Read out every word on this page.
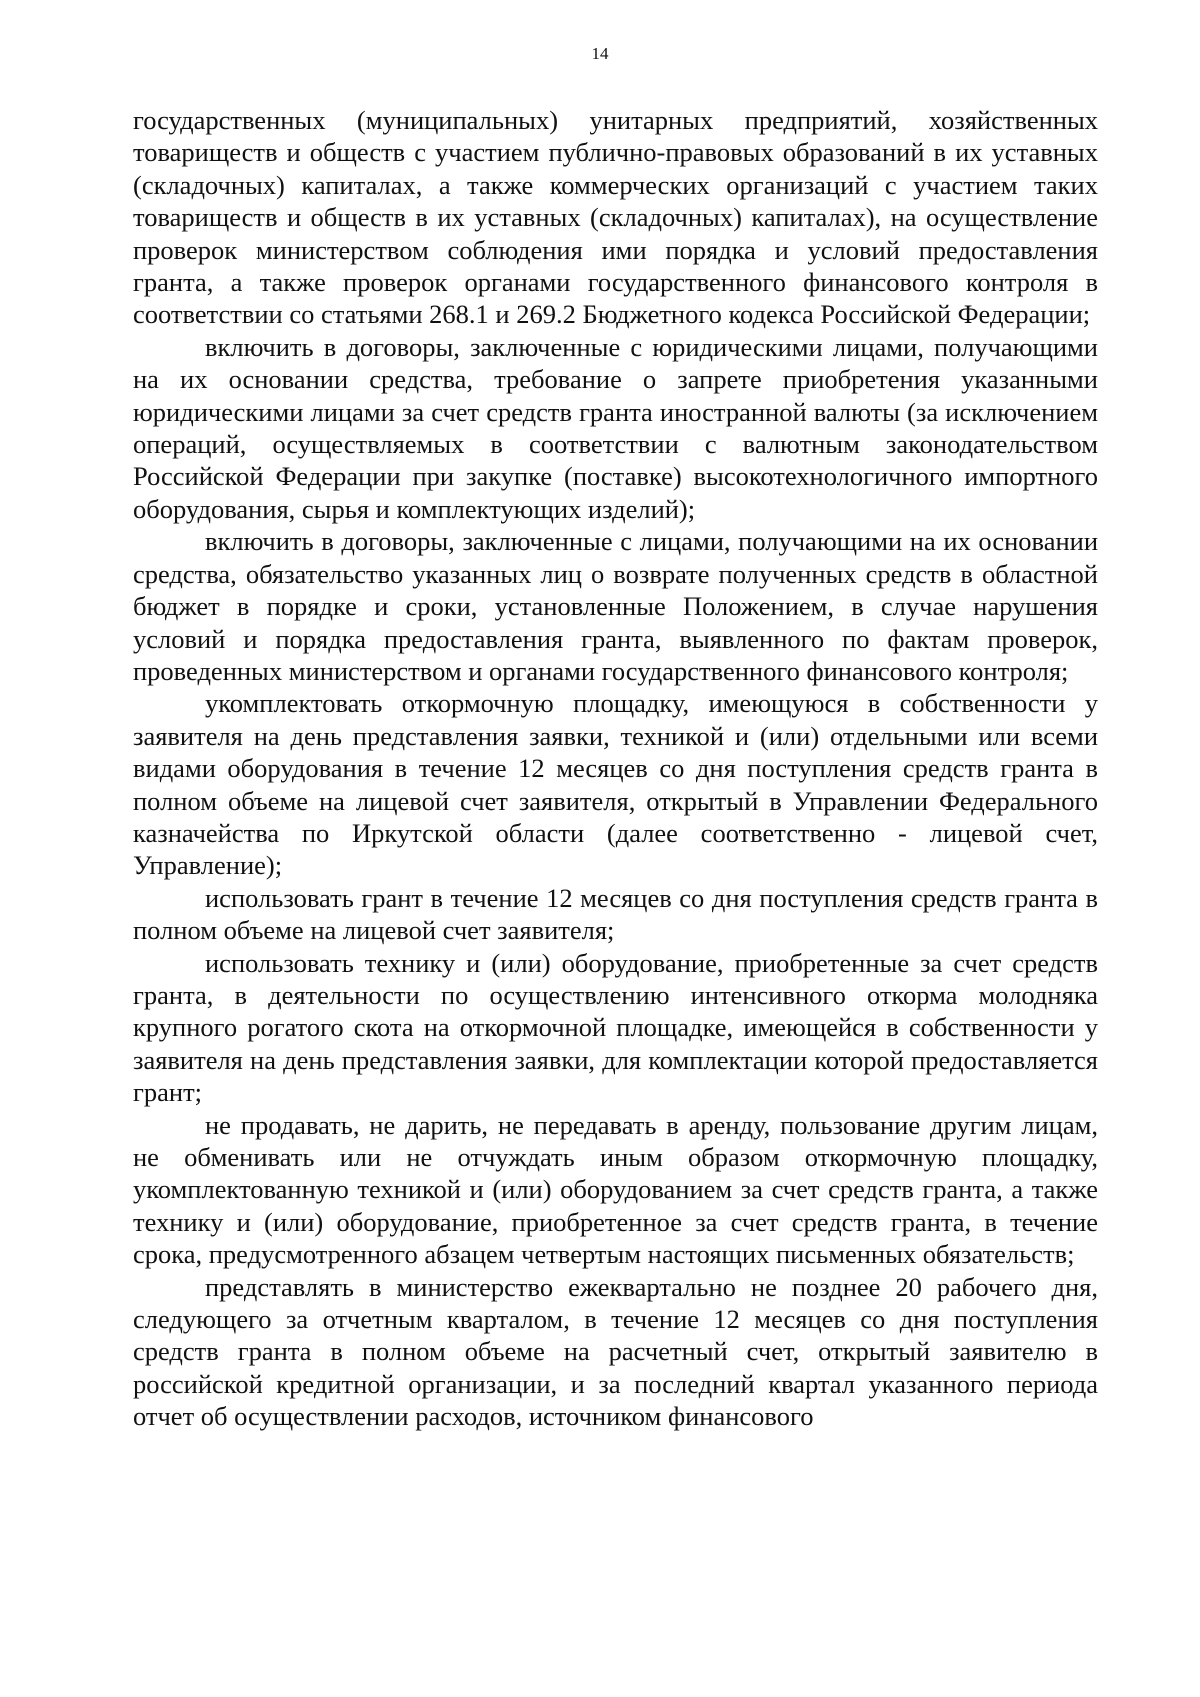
14

государственных (муниципальных) унитарных предприятий, хозяйственных товариществ и обществ с участием публично-правовых образований в их уставных (складочных) капиталах, а также коммерческих организаций с участием таких товариществ и обществ в их уставных (складочных) капиталах), на осуществление проверок министерством соблюдения ими порядка и условий предоставления гранта, а также проверок органами государственного финансового контроля в соответствии со статьями 268.1 и 269.2 Бюджетного кодекса Российской Федерации;

включить в договоры, заключенные с юридическими лицами, получающими на их основании средства, требование о запрете приобретения указанными юридическими лицами за счет средств гранта иностранной валюты (за исключением операций, осуществляемых в соответствии с валютным законодательством Российской Федерации при закупке (поставке) высокотехнологичного импортного оборудования, сырья и комплектующих изделий);

включить в договоры, заключенные с лицами, получающими на их основании средства, обязательство указанных лиц о возврате полученных средств в областной бюджет в порядке и сроки, установленные Положением, в случае нарушения условий и порядка предоставления гранта, выявленного по фактам проверок, проведенных министерством и органами государственного финансового контроля;

укомплектовать откормочную площадку, имеющуюся в собственности у заявителя на день представления заявки, техникой и (или) отдельными или всеми видами оборудования в течение 12 месяцев со дня поступления средств гранта в полном объеме на лицевой счет заявителя, открытый в Управлении Федерального казначейства по Иркутской области (далее соответственно - лицевой счет, Управление);

использовать грант в течение 12 месяцев со дня поступления средств гранта в полном объеме на лицевой счет заявителя;

использовать технику и (или) оборудование, приобретенные за счет средств гранта, в деятельности по осуществлению интенсивного откорма молодняка крупного рогатого скота на откормочной площадке, имеющейся в собственности у заявителя на день представления заявки, для комплектации которой предоставляется грант;

не продавать, не дарить, не передавать в аренду, пользование другим лицам, не обменивать или не отчуждать иным образом откормочную площадку, укомплектованную техникой и (или) оборудованием за счет средств гранта, а также технику и (или) оборудование, приобретенное за счет средств гранта, в течение срока, предусмотренного абзацем четвертым настоящих письменных обязательств;

представлять в министерство ежеквартально не позднее 20 рабочего дня, следующего за отчетным кварталом, в течение 12 месяцев со дня поступления средств гранта в полном объеме на расчетный счет, открытый заявителю в российской кредитной организации, и за последний квартал указанного периода отчет об осуществлении расходов, источником финансового
